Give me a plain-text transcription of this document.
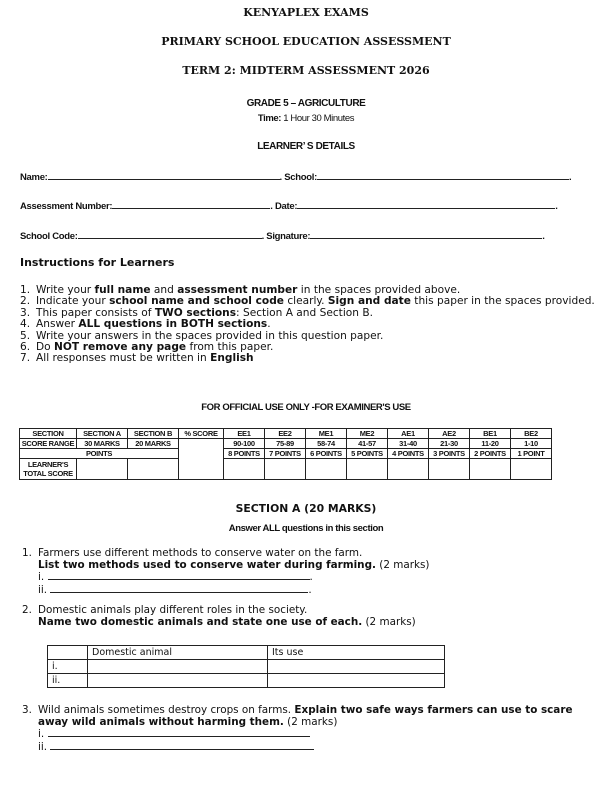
KENYAPLEX EXAMS
PRIMARY SCHOOL EDUCATION ASSESSMENT
TERM 2: MIDTERM ASSESSMENT 2026
GRADE 5 – AGRICULTURE
Time: 1 Hour 30 Minutes
LEARNER’ S DETAILS
Name:	. School:	.
Assessment Number:	. Date:	.
School Code:	. Signature:	.
Instructions for Learners
1. Write your full name and assessment number in the spaces provided above.
2. Indicate your school name and school code clearly. Sign and date this paper in the spaces provided.
3. This paper consists of TWO sections: Section A and Section B.
4. Answer ALL questions in BOTH sections.
5. Write your answers in the spaces provided in this question paper.
6. Do NOT remove any page from this paper.
7. All responses must be written in English
FOR OFFICIAL USE ONLY -FOR EXAMINER'S USE
SECTION	SECTION A	SECTION B	% SCORE	EE1	EE2	ME1	ME2	AE1	AE2	BE1	BE2
SCORE RANGE	30 MARKS	20 MARKS		90-100	75-89	58-74	41-57	31-40	21-30	11-20	1-10
POINTS				8 POINTS	7 POINTS	6 POINTS	5 POINTS	4 POINTS	3 POINTS	2 POINTS	1 POINT
LEARNER'S TOTAL SCORE											
SECTION A (20 MARKS)
Answer ALL questions in this section
1. Farmers use different methods to conserve water on the farm.
List two methods used to conserve water during farming. (2 marks)
i.	.
ii.	.
2. Domestic animals play different roles in the society.
Name two domestic animals and state one use of each. (2 marks)
	Domestic animal	Its use
i.		
ii.		
3. Wild animals sometimes destroy crops on farms. Explain two safe ways farmers can use to scare
away wild animals without harming them. (2 marks)
i.
ii.
